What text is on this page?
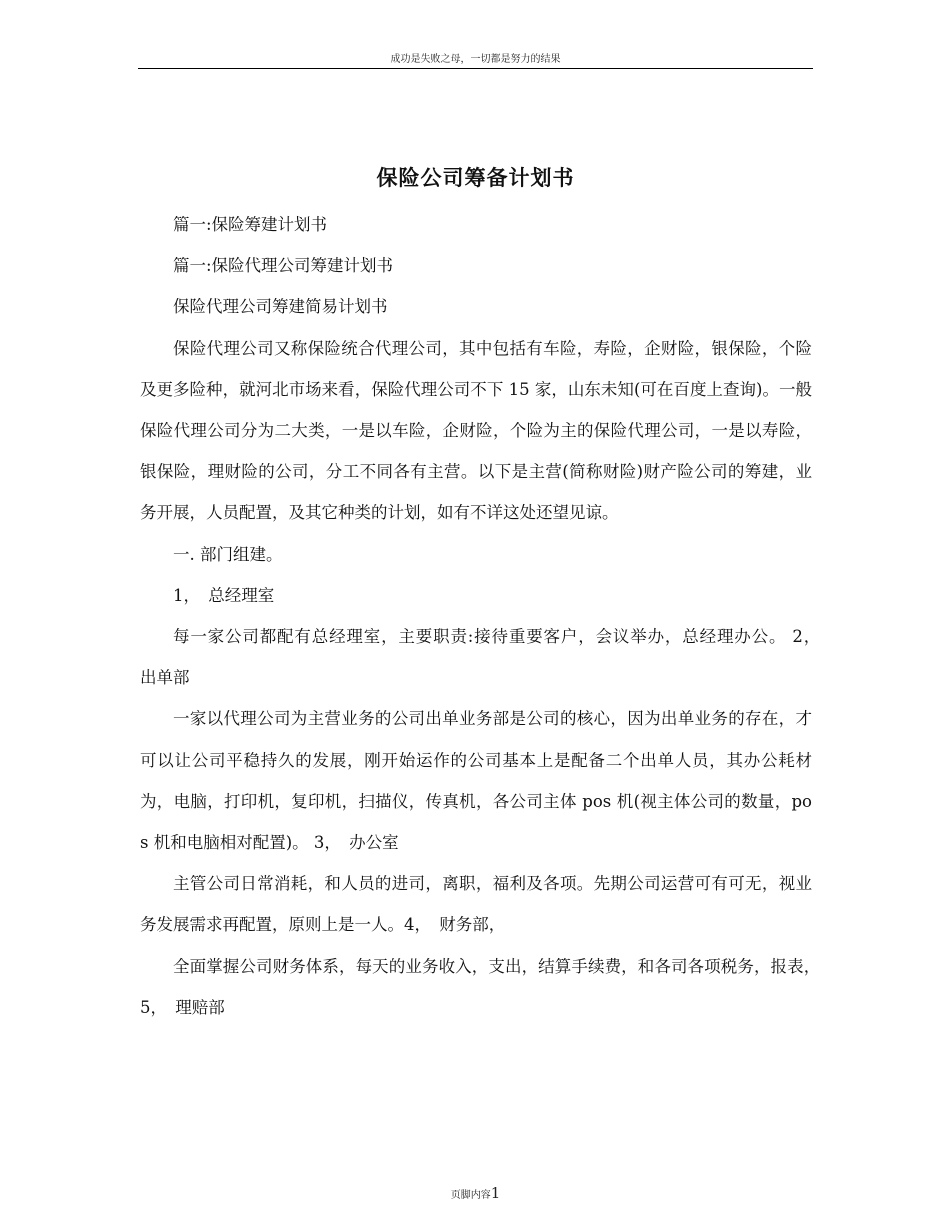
成功是失败之母，一切都是努力的结果
保险公司筹备计划书

篇一:保险筹建计划书

篇一:保险代理公司筹建计划书

保险代理公司筹建简易计划书

保险代理公司又称保险统合代理公司，其中包括有车险，寿险，企财险，银保险，个险及更多险种，就河北市场来看，保险代理公司不下 15 家，山东未知(可在百度上查询)。一般保险代理公司分为二大类，一是以车险，企财险，个险为主的保险代理公司，一是以寿险，银保险，理财险的公司，分工不同各有主营。以下是主营(简称财险)财产险公司的筹建，业务开展，人员配置，及其它种类的计划，如有不详这处还望见谅。

一. 部门组建。

1，　总经理室

每一家公司都配有总经理室，主要职责:接待重要客户，会议举办，总经理办公。 2，　出单部

一家以代理公司为主营业务的公司出单业务部是公司的核心，因为出单业务的存在，才可以让公司平稳持久的发展，刚开始运作的公司基本上是配备二个出单人员，其办公耗材为，电脑，打印机，复印机，扫描仪，传真机，各公司主体 pos 机(视主体公司的数量，po s 机和电脑相对配置)。 3，　办公室

主管公司日常消耗，和人员的进司，离职，福利及各项。先期公司运营可有可无，视业务发展需求再配置，原则上是一人。4，　财务部，

全面掌握公司财务体系，每天的业务收入，支出，结算手续费，和各司各项税务，报表，　5，　理赔部

页脚内容1
